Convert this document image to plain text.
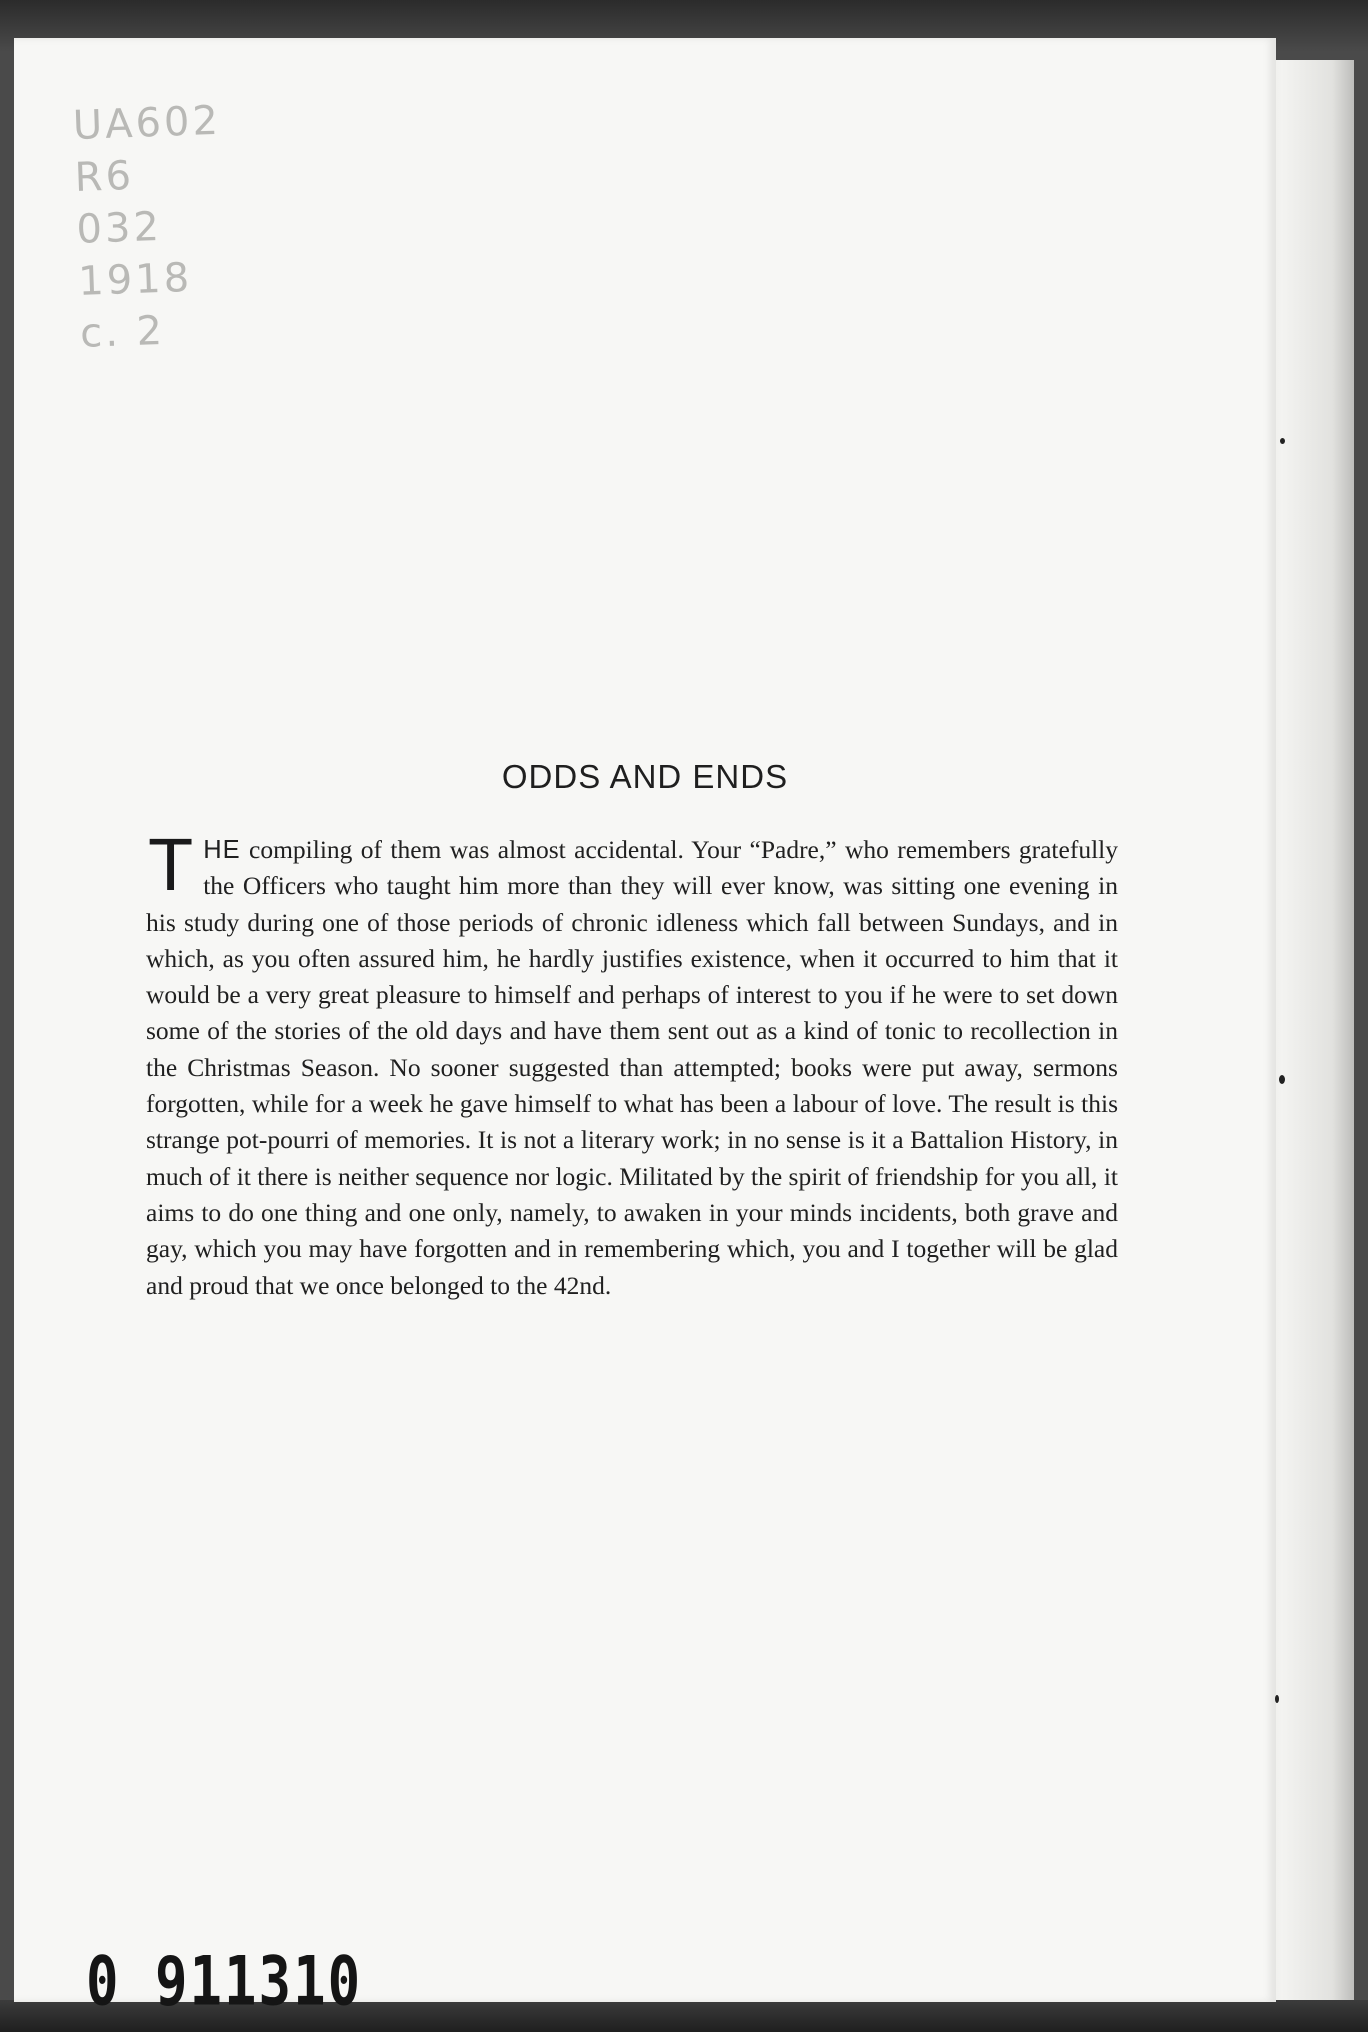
UA602
R6
032
1918
c. 2
ODDS AND ENDS
THE compiling of them was almost accidental. Your “Padre,” who remembers gratefully the Officers who taught him more than they will ever know, was sitting one evening in his study during one of those periods of chronic idleness which fall between Sundays, and in which, as you often assured him, he hardly justifies existence, when it occurred to him that it would be a very great pleasure to himself and perhaps of interest to you if he were to set down some of the stories of the old days and have them sent out as a kind of tonic to recollection in the Christmas Season. No sooner suggested than attempted; books were put away, sermons forgotten, while for a week he gave himself to what has been a labour of love. The result is this strange pot-pourri of memories. It is not a literary work; in no sense is it a Battalion History, in much of it there is neither sequence nor logic. Militated by the spirit of friendship for you all, it aims to do one thing and one only, namely, to awaken in your minds incidents, both grave and gay, which you may have forgotten and in remembering which, you and I together will be glad and proud that we once belonged to the 42nd.
0 911310
